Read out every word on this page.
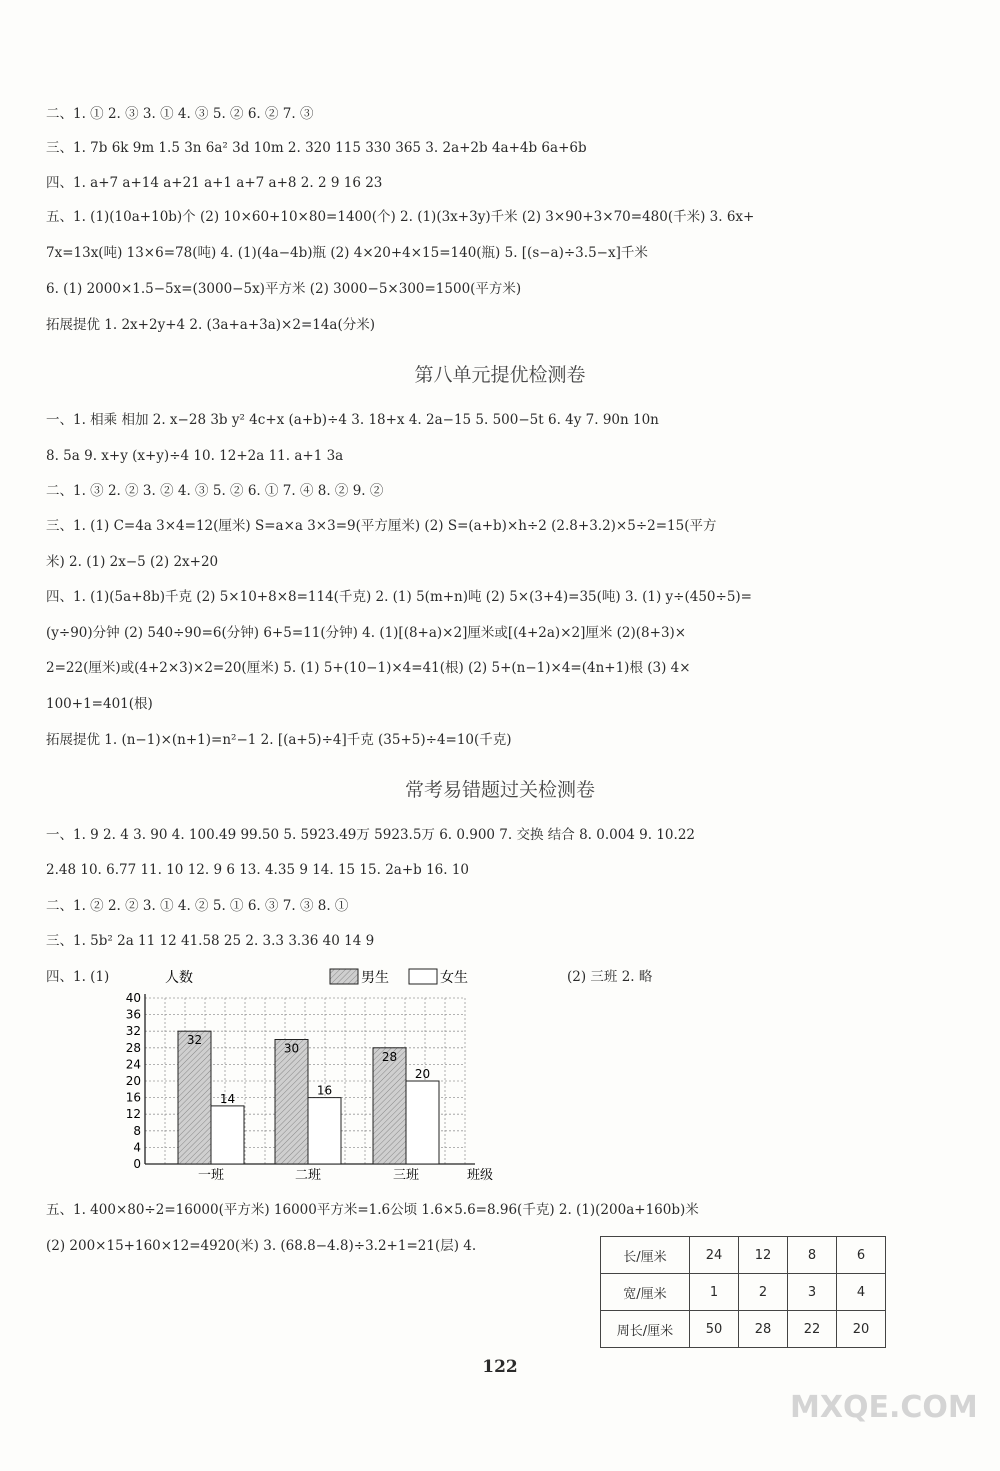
二、1. ① 2. ③ 3. ① 4. ③ 5. ② 6. ② 7. ③
三、1. 7b 6k 9m 1.5 3n 6a² 3d 10m 2. 320 115 330 365 3. 2a+2b 4a+4b 6a+6b
四、1. a+7 a+14 a+21 a+1 a+7 a+8 2. 2 9 16 23
五、1. (1)(10a+10b)个 (2) 10×60+10×80=1400(个) 2. (1)(3x+3y)千米 (2) 3×90+3×70=480(千米) 3. 6x+
7x=13x(吨) 13×6=78(吨) 4. (1)(4a−4b)瓶 (2) 4×20+4×15=140(瓶) 5. [(s−a)÷3.5−x]千米
6. (1) 2000×1.5−5x=(3000−5x)平方米 (2) 3000−5×300=1500(平方米)
拓展提优 1. 2x+2y+4 2. (3a+a+3a)×2=14a(分米)
一、1. 相乘 相加 2. x−28 3b y² 4c+x (a+b)÷4 3. 18+x 4. 2a−15 5. 500−5t 6. 4y 7. 90n 10n
8. 5a 9. x+y (x+y)÷4 10. 12+2a 11. a+1 3a
二、1. ③ 2. ② 3. ② 4. ③ 5. ② 6. ① 7. ④ 8. ② 9. ②
三、1. (1) C=4a 3×4=12(厘米) S=a×a 3×3=9(平方厘米) (2) S=(a+b)×h÷2 (2.8+3.2)×5÷2=15(平方
米) 2. (1) 2x−5 (2) 2x+20
四、1. (1)(5a+8b)千克 (2) 5×10+8×8=114(千克) 2. (1) 5(m+n)吨 (2) 5×(3+4)=35(吨) 3. (1) y÷(450÷5)=
(y÷90)分钟 (2) 540÷90=6(分钟) 6+5=11(分钟) 4. (1)[(8+a)×2]厘米或[(4+2a)×2]厘米 (2)(8+3)×
2=22(厘米)或(4+2×3)×2=20(厘米) 5. (1) 5+(10−1)×4=41(根) (2) 5+(n−1)×4=(4n+1)根 (3) 4×
100+1=401(根)
拓展提优 1. (n−1)×(n+1)=n²−1 2. [(a+5)÷4]千克 (35+5)÷4=10(千克)
一、1. 9 2. 4 3. 90 4. 100.49 99.50 5. 5923.49万 5923.5万 6. 0.900 7. 交换 结合 8. 0.004 9. 10.22
2.48 10. 6.77 11. 10 12. 9 6 13. 4.35 9 14. 15 15. 2a+b 16. 10
二、1. ② 2. ② 3. ① 4. ② 5. ① 6. ③ 7. ③ 8. ①
三、1. 5b² 2a 11 12 41.58 25 2. 3.3 3.36 40 14 9
四、1. (1)
五、1. 400×80÷2=16000(平方米) 16000平方米=1.6公顷 1.6×5.6=8.96(千克) 2. (1)(200a+160b)米
(2) 200×15+160×12=4920(米) 3. (68.8−4.8)÷3.2+1=21(层) 4.
第八单元提优检测卷
常考易错题过关检测卷
0
4
8
12
16
20
24
28
32
36
40
人数
班级
男生	女生
32
14
一班
30
16
二班
28
20
三班
(2) 三班 2. 略
长/厘米	24	12	8	6
宽/厘米	1	2	3	4
周长/厘米	50	28	22	20
122
MXQE.COM
